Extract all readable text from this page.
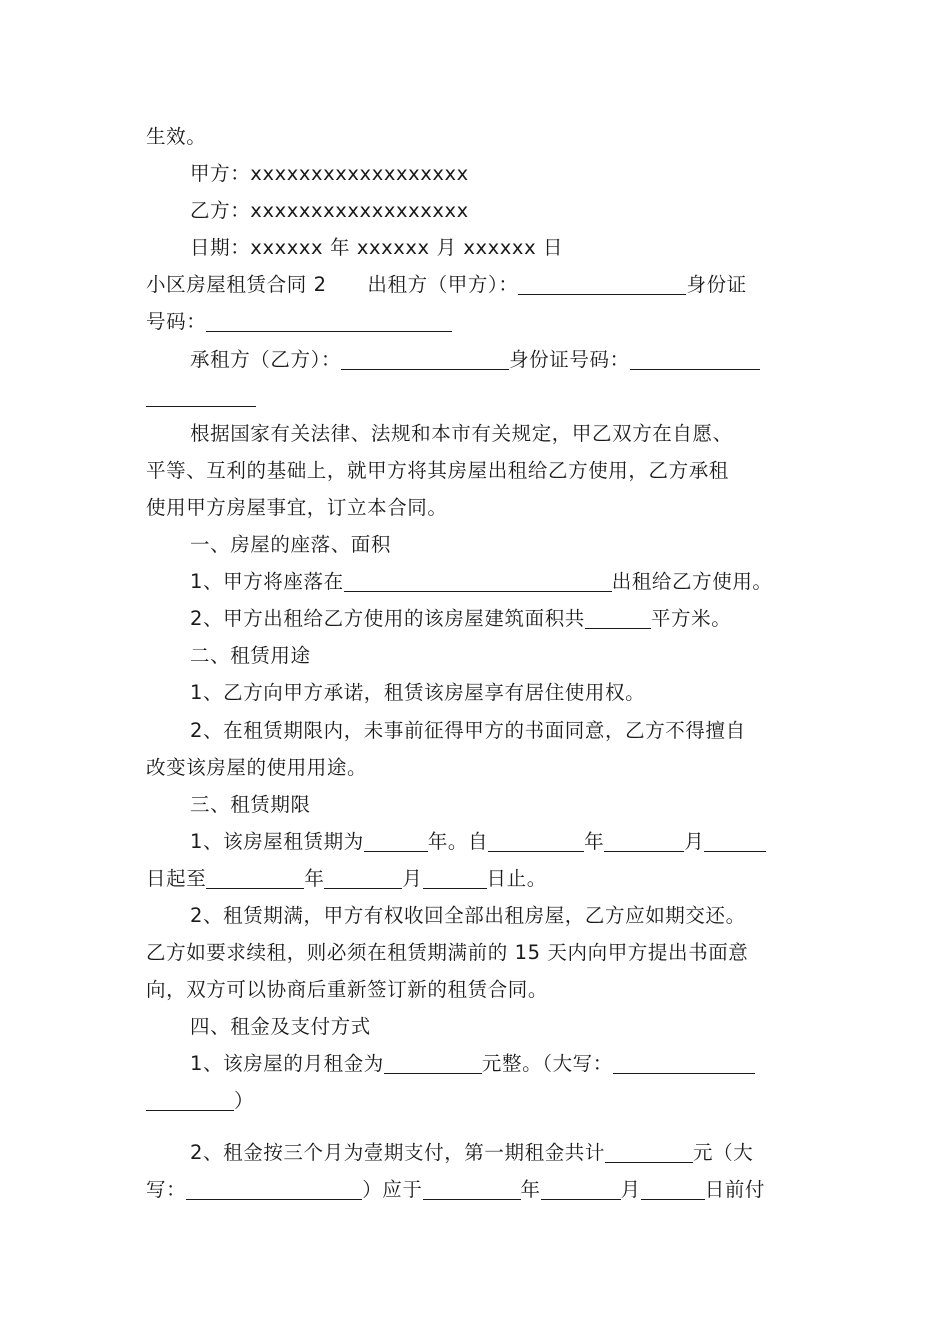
生效。
甲方：xxxxxxxxxxxxxxxxxx
乙方：xxxxxxxxxxxxxxxxxx
日期：xxxxxx 年 xxxxxx 月 xxxxxx 日
小区房屋租赁合同 2 出租方（甲方）：	身份证
号码：
承租方（乙方）：	身份证号码：
根据国家有关法律、法规和本市有关规定，甲乙双方在自愿、
平等、互利的基础上，就甲方将其房屋出租给乙方使用，乙方承租
使用甲方房屋事宜，订立本合同。
一、房屋的座落、面积
1、甲方将座落在	出租给乙方使用。
2、甲方出租给乙方使用的该房屋建筑面积共	平方米。
二、租赁用途
1、乙方向甲方承诺，租赁该房屋享有居住使用权。
2、在租赁期限内，未事前征得甲方的书面同意，乙方不得擅自
改变该房屋的使用用途。
三、租赁期限
1、该房屋租赁期为	年。自	年	月
日起至	年	月	日止。
2、租赁期满，甲方有权收回全部出租房屋，乙方应如期交还。
乙方如要求续租，则必须在租赁期满前的 15 天内向甲方提出书面意
向，双方可以协商后重新签订新的租赁合同。
四、租金及支付方式
1、该房屋的月租金为	元整。（大写：
）
2、租金按三个月为壹期支付，第一期租金共计	元（大
写：	）应于	年	月	日前付
